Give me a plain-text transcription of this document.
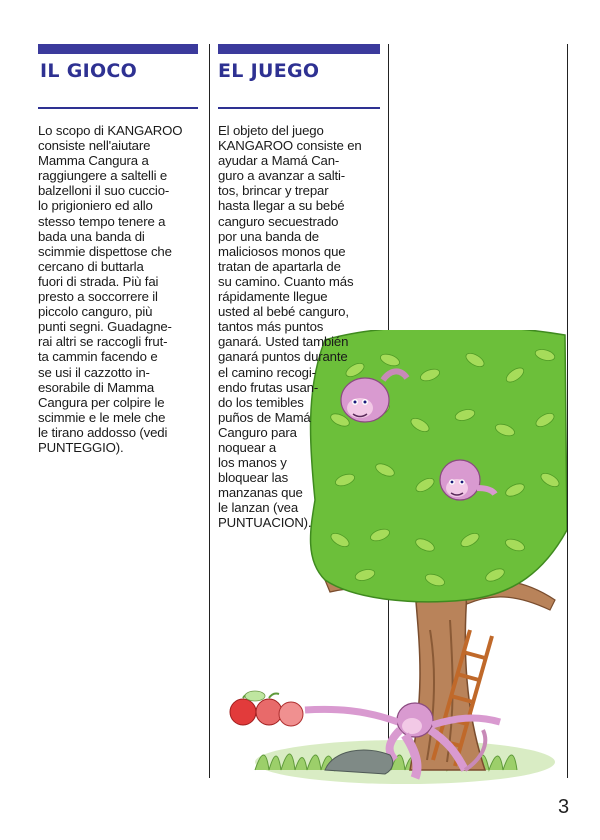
IL GIOCO	EL JUEGO

Lo scopo di KANGAROO
consiste nell'aiutare
Mamma Cangura a
raggiungere a saltelli e
balzelloni il suo cuccio-
lo prigioniero ed allo
stesso tempo tenere a
bada una banda di
scimmie dispettose che
cercano di buttarla
fuori di strada. Più fai
presto a soccorrere il
piccolo canguro, più
punti segni. Guadagne-
rai altri se raccogli frut-
ta cammin facendo e
se usi il cazzotto in-
esorabile di Mamma
Cangura per colpire le
scimmie e le mele che
le tirano addosso (vedi
PUNTEGGIO).

El objeto del juego
KANGAROO consiste en
ayudar a Mamá Can-
guro a avanzar a salti-
tos, brincar y trepar
hasta llegar a su bebé
canguro secuestrado
por una banda de
maliciosos monos que
tratan de apartarla de
su camino. Cuanto más
rápidamente llegue
usted al bebé canguro,
tantos más puntos
ganará. Usted también
ganará puntos durante
el camino recogi-
endo frutas usan-
do los temibles
puños de Mamá
Canguro para
noquear a
los manos y
bloquear las
manzanas que
le lanzan (vea
PUNTUACION).

3
